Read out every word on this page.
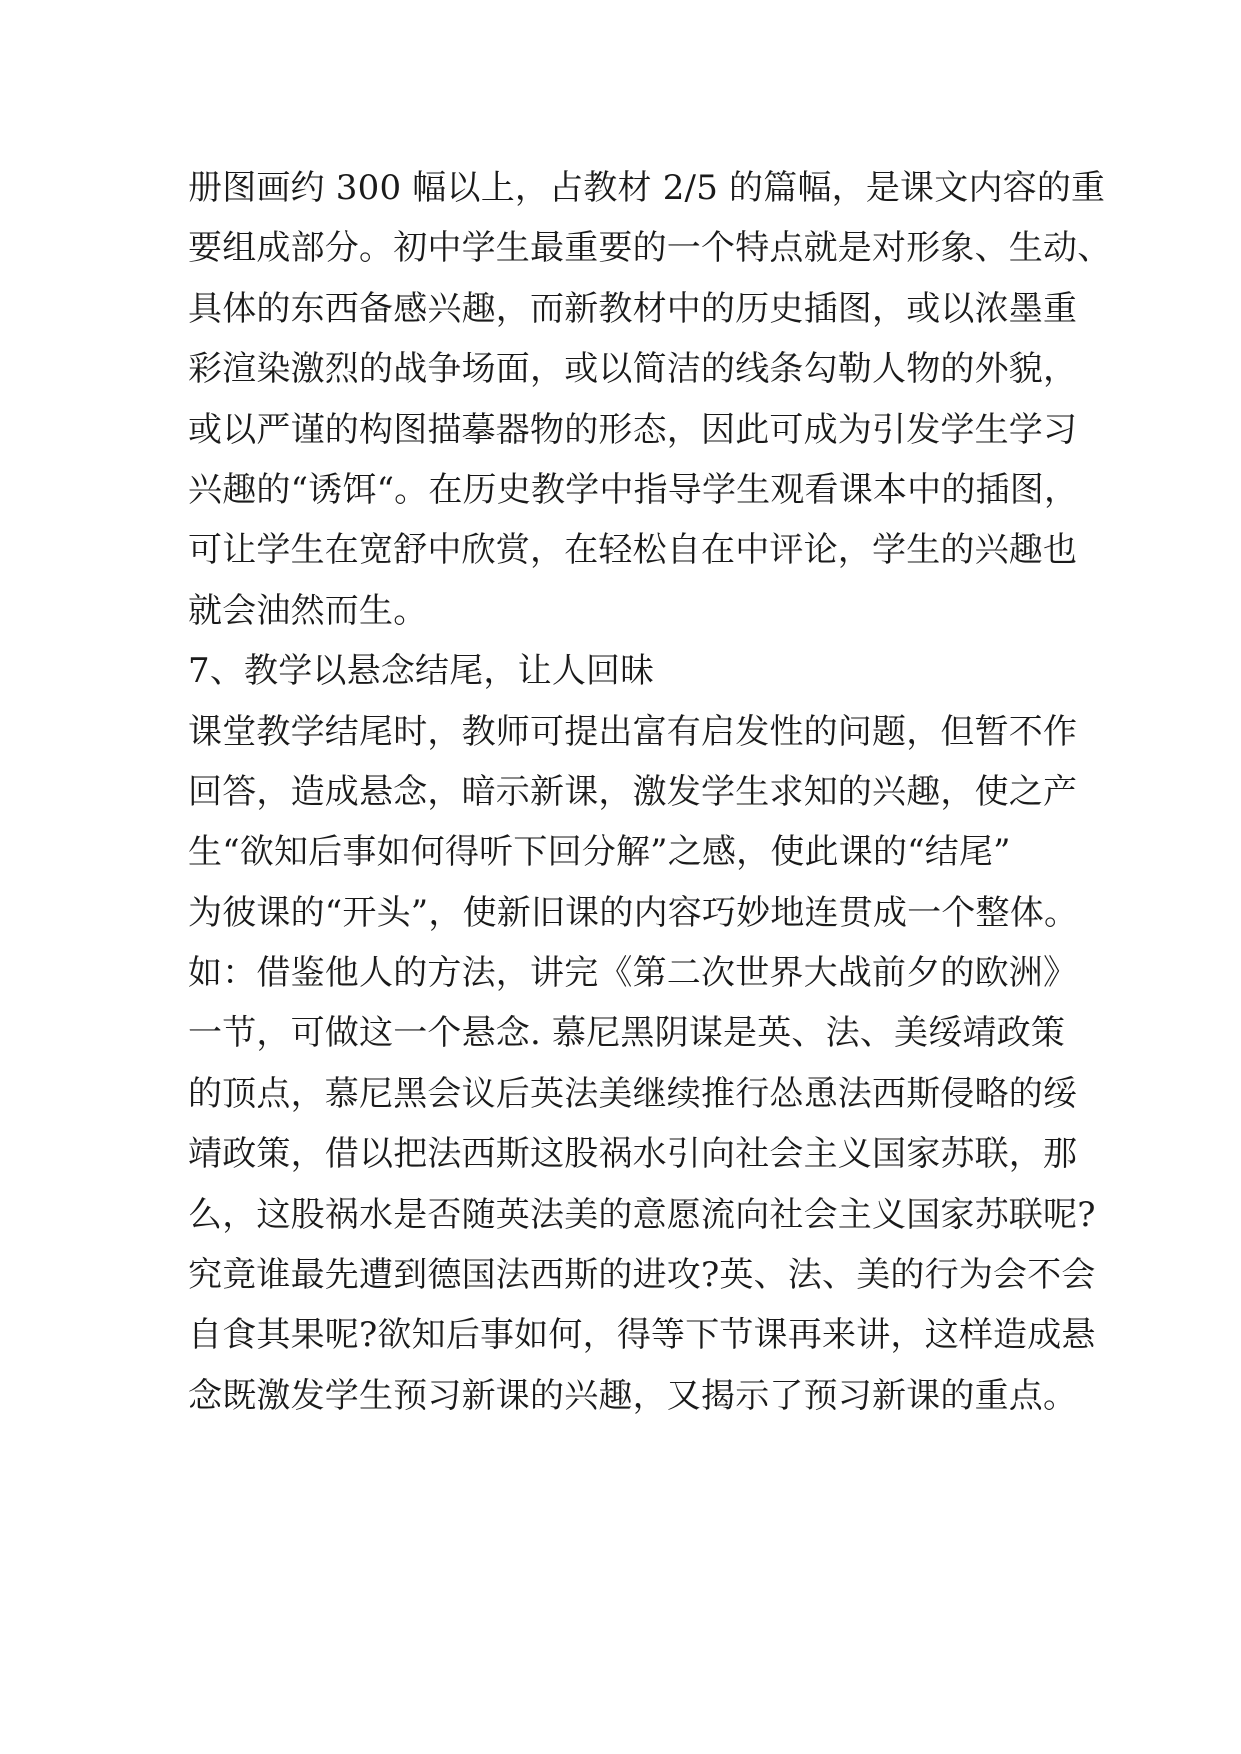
册图画约 300 幅以上，占教材 2/5 的篇幅，是课文内容的重
要组成部分。初中学生最重要的一个特点就是对形象、生动、
具体的东西备感兴趣，而新教材中的历史插图，或以浓墨重
彩渲染激烈的战争场面，或以简洁的线条勾勒人物的外貌，
或以严谨的构图描摹器物的形态，因此可成为引发学生学习
兴趣的“诱饵“。在历史教学中指导学生观看课本中的插图，
可让学生在宽舒中欣赏，在轻松自在中评论，学生的兴趣也
就会油然而生。
7、教学以悬念结尾，让人回昧
课堂教学结尾时，教师可提出富有启发性的问题，但暂不作
回答，造成悬念，暗示新课，激发学生求知的兴趣，使之产
生“欲知后事如何得听下回分解”之感，使此课的“结尾”
为彼课的“开头”，使新旧课的内容巧妙地连贯成一个整体。
如：借鉴他人的方法，讲完《第二次世界大战前夕的欧洲》
一节，可做这一个悬念. 慕尼黑阴谋是英、法、美绥靖政策
的顶点，慕尼黑会议后英法美继续推行怂恿法西斯侵略的绥
靖政策，借以把法西斯这股祸水引向社会主义国家苏联，那
么，这股祸水是否随英法美的意愿流向社会主义国家苏联呢?
究竟谁最先遭到德国法西斯的进攻?英、法、美的行为会不会
自食其果呢?欲知后事如何，得等下节课再来讲，这样造成悬
念既激发学生预习新课的兴趣，又揭示了预习新课的重点。
